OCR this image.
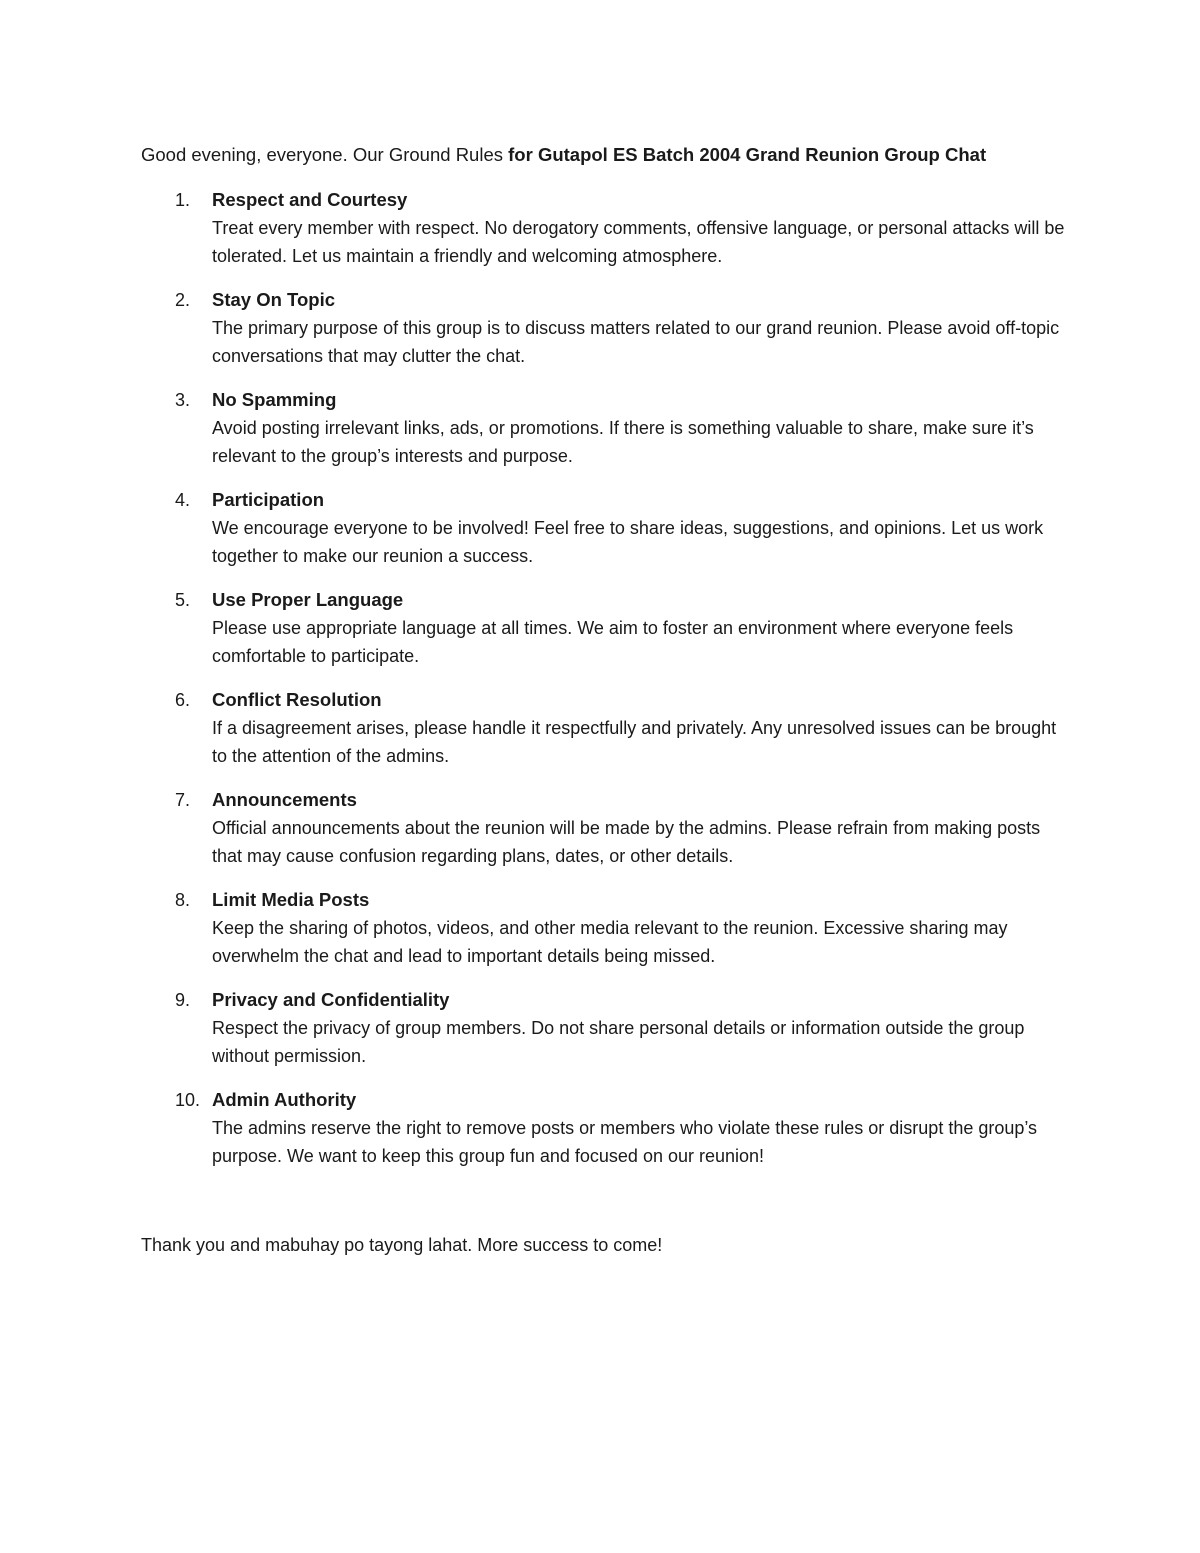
Good evening, everyone. Our Ground Rules for Gutapol ES Batch 2004 Grand Reunion Group Chat
1. Respect and Courtesy
Treat every member with respect. No derogatory comments, offensive language, or personal attacks will be tolerated. Let us maintain a friendly and welcoming atmosphere.
2. Stay On Topic
The primary purpose of this group is to discuss matters related to our grand reunion. Please avoid off-topic conversations that may clutter the chat.
3. No Spamming
Avoid posting irrelevant links, ads, or promotions. If there is something valuable to share, make sure it’s relevant to the group’s interests and purpose.
4. Participation
We encourage everyone to be involved! Feel free to share ideas, suggestions, and opinions. Let us work together to make our reunion a success.
5. Use Proper Language
Please use appropriate language at all times. We aim to foster an environment where everyone feels comfortable to participate.
6. Conflict Resolution
If a disagreement arises, please handle it respectfully and privately. Any unresolved issues can be brought to the attention of the admins.
7. Announcements
Official announcements about the reunion will be made by the admins. Please refrain from making posts that may cause confusion regarding plans, dates, or other details.
8. Limit Media Posts
Keep the sharing of photos, videos, and other media relevant to the reunion. Excessive sharing may overwhelm the chat and lead to important details being missed.
9. Privacy and Confidentiality
Respect the privacy of group members. Do not share personal details or information outside the group without permission.
10. Admin Authority
The admins reserve the right to remove posts or members who violate these rules or disrupt the group’s purpose. We want to keep this group fun and focused on our reunion!
Thank you and mabuhay po tayong lahat. More success to come!
